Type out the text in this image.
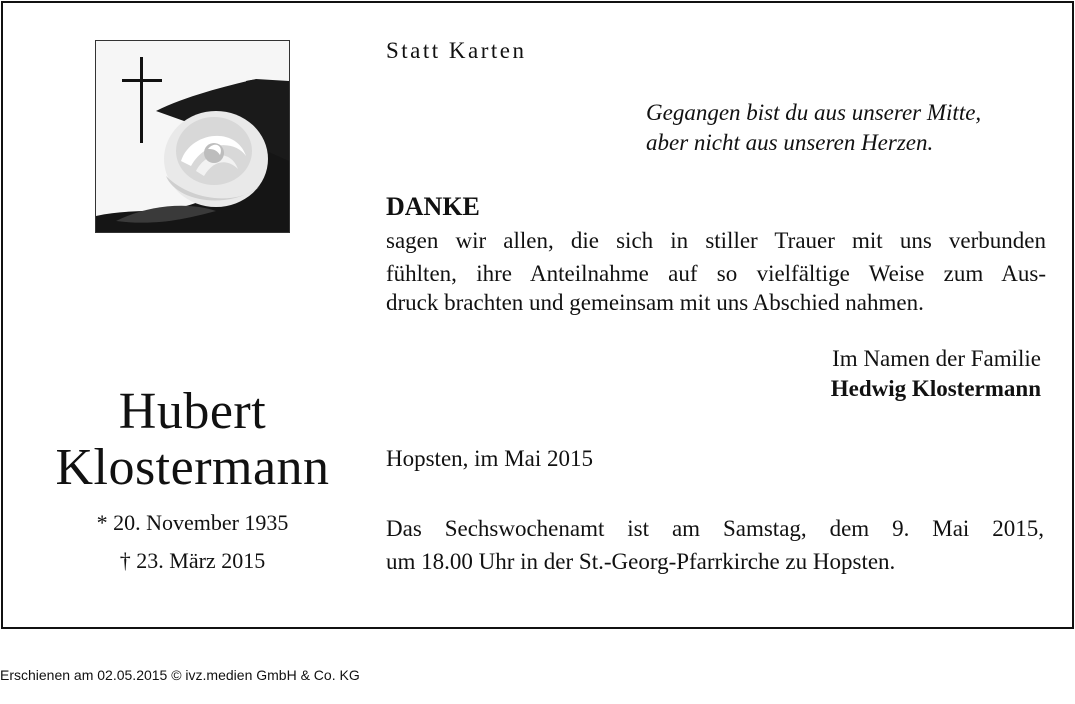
Hubert
Klostermann
* 20. November 1935
† 23. März 2015
Statt Karten
Gegangen bist du aus unserer Mitte,
aber nicht aus unseren Herzen.
DANKE
sagen wir allen, die sich in stiller Trauer mit uns verbunden
fühlten, ihre Anteilnahme auf so vielfältige Weise zum Aus-
druck brachten und gemeinsam mit uns Abschied nahmen.
Im Namen der Familie
Hedwig Klostermann
Hopsten, im Mai 2015
Das Sechswochenamt ist am Samstag, dem 9. Mai 2015,
um 18.00 Uhr in der St.-Georg-Pfarrkirche zu Hopsten.
Erschienen am 02.05.2015 © ivz.medien GmbH & Co. KG
